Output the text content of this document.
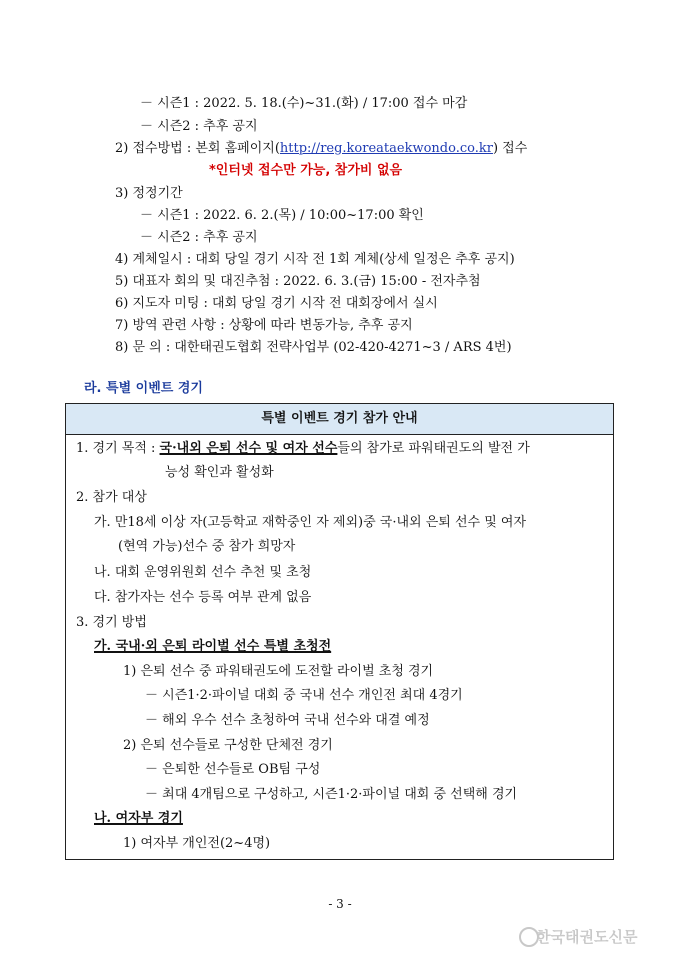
－ 시즌1 : 2022. 5. 18.(수)~31.(화) / 17:00 접수 마감
－ 시즌2 : 추후 공지
2) 접수방법 : 본회 홈페이지(http://reg.koreataekwondo.co.kr) 접수
*인터넷 접수만 가능, 참가비 없음
3) 정정기간
－ 시즌1 : 2022. 6. 2.(목) / 10:00~17:00 확인
－ 시즌2 : 추후 공지
4) 계체일시 : 대회 당일 경기 시작 전 1회 계체(상세 일정은 추후 공지)
5) 대표자 회의 및 대진추첨 : 2022. 6. 3.(금) 15:00 - 전자추첨
6) 지도자 미팅 : 대회 당일 경기 시작 전 대회장에서 실시
7) 방역 관련 사항 : 상황에 따라 변동가능, 추후 공지
8) 문 의 : 대한태권도협회 전략사업부 (02-420-4271~3 / ARS 4번)
라. 특별 이벤트 경기
특별 이벤트 경기 참가 안내
1. 경기 목적 : 국·내외 은퇴 선수 및 여자 선수들의 참가로 파워태권도의 발전 가
능성 확인과 활성화
2. 참가 대상
가. 만18세 이상 자(고등학교 재학중인 자 제외)중 국·내외 은퇴 선수 및 여자
(현역 가능)선수 중 참가 희망자
나. 대회 운영위원회 선수 추천 및 초청
다. 참가자는 선수 등록 여부 관계 없음
3. 경기 방법
가. 국내·외 은퇴 라이벌 선수 특별 초청전
1) 은퇴 선수 중 파워태권도에 도전할 라이벌 초청 경기
－ 시즌1·2·파이널 대회 중 국내 선수 개인전 최대 4경기
－ 해외 우수 선수 초청하여 국내 선수와 대결 예정
2) 은퇴 선수들로 구성한 단체전 경기
－ 은퇴한 선수들로 OB팀 구성
－ 최대 4개팀으로 구성하고, 시즌1·2·파이널 대회 중 선택해 경기
나. 여자부 경기
1) 여자부 개인전(2~4명)
- 3 -
한국태권도신문
